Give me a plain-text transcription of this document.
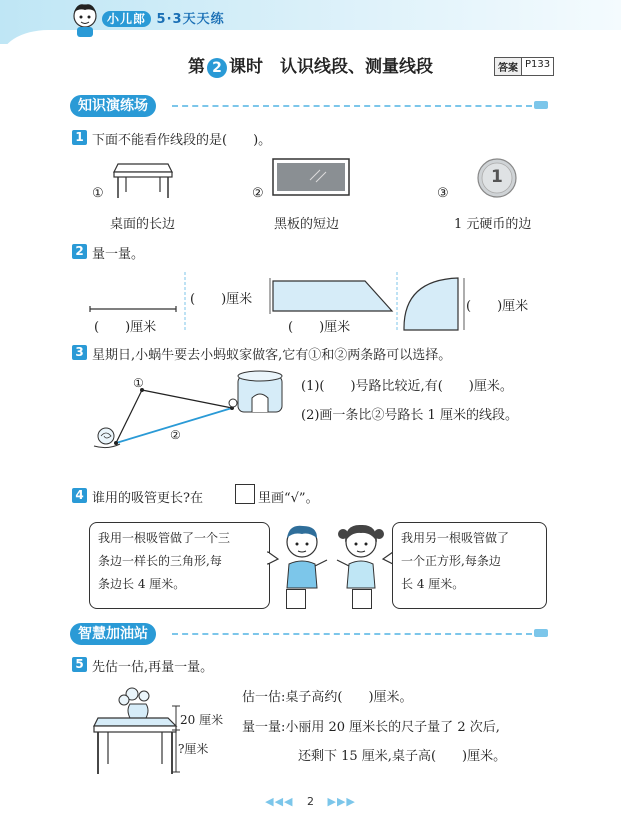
小儿郎 5·3天天练
第 2 课时　认识线段、测量线段	答案 P133
知识演练场
1 下面不能看作线段的是(　　)。
①
桌面的长边
②
黑板的短边
③
1
1 元硬币的边
2 量一量。
(　　)厘米
(　　)厘米
(　　)厘米
(　　)厘米
3 星期日,小蜗牛要去小蚂蚁家做客,它有①和②两条路可以选择。
①
②
(1)(　　)号路比较近,有(　　)厘米。
(2)画一条比②号路长 1 厘米的线段。
4 谁用的吸管更长?在	里画“√”。
我用一根吸管做了一个三
条边一样长的三角形,每
条边长 4 厘米。
我用另一根吸管做了
一个正方形,每条边
长 4 厘米。
智慧加油站
5 先估一估,再量一量。
20 厘米
?厘米
估一估:桌子高约(　　)厘米。
量一量:小丽用 20 厘米长的尺子量了 2 次后,
还剩下 15 厘米,桌子高(　　)厘米。
◀◀◀ 2 ▶▶▶
